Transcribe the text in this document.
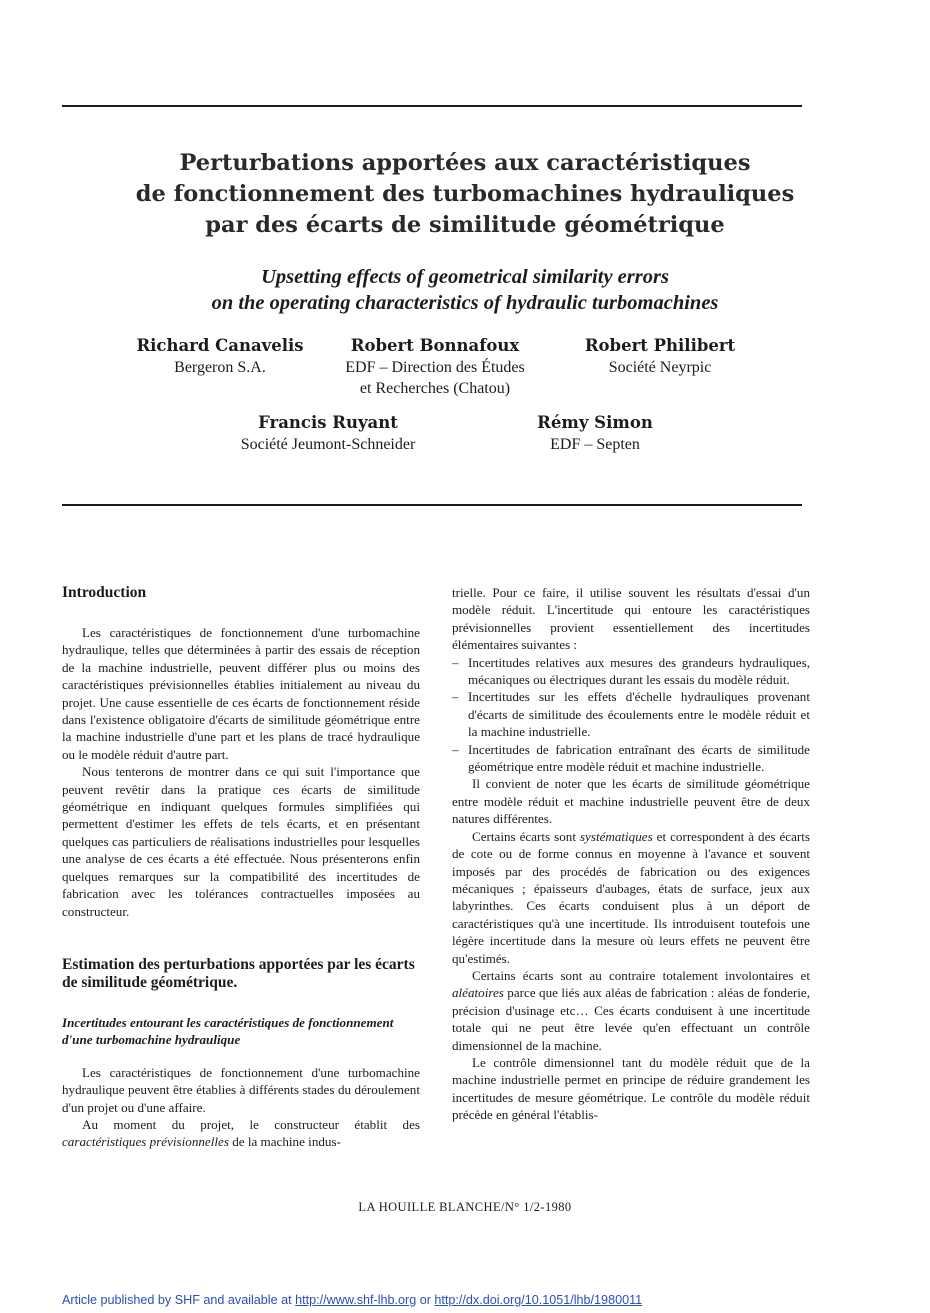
Perturbations apportées aux caractéristiques
de fonctionnement des turbomachines hydrauliques
par des écarts de similitude géométrique
Upsetting effects of geometrical similarity errors
on the operating characteristics of hydraulic turbomachines
Richard Canavelis
Bergeron S.A.
Robert Bonnafoux
EDF – Direction des Études
et Recherches (Chatou)
Robert Philibert
Société Neyrpic
Francis Ruyant
Société Jeumont-Schneider
Rémy Simon
EDF – Septen
Introduction

Les caractéristiques de fonctionnement d'une turbomachine hydraulique, telles que déterminées à partir des essais de réception de la machine industrielle, peuvent différer plus ou moins des caractéristiques prévisionnelles établies initialement au niveau du projet. Une cause essentielle de ces écarts de fonctionnement réside dans l'existence obligatoire d'écarts de similitude géométrique entre la machine industrielle d'une part et les plans de tracé hydraulique ou le modèle réduit d'autre part.

Nous tenterons de montrer dans ce qui suit l'importance que peuvent revêtir dans la pratique ces écarts de similitude géométrique en indiquant quelques formules simplifiées qui permettent d'estimer les effets de tels écarts, et en présentant quelques cas particuliers de réalisations industrielles pour lesquelles une analyse de ces écarts a été effectuée. Nous présenterons enfin quelques remarques sur la compatibilité des incertitudes de fabrication avec les tolérances contractuelles imposées au constructeur.

Estimation des perturbations apportées par les écarts de similitude géométrique.
Incertitudes entourant les caractéristiques de fonctionnement d'une turbomachine hydraulique

Les caractéristiques de fonctionnement d'une turbomachine hydraulique peuvent être établies à différents stades du déroulement d'un projet ou d'une affaire.

Au moment du projet, le constructeur établit des caractéristiques prévisionnelles de la machine indus-

trielle. Pour ce faire, il utilise souvent les résultats d'essai d'un modèle réduit. L'incertitude qui entoure les caractéristiques prévisionnelles provient essentiellement des incertitudes élémentaires suivantes :

– Incertitudes relatives aux mesures des grandeurs hydrauliques, mécaniques ou électriques durant les essais du modèle réduit.
– Incertitudes sur les effets d'échelle hydrauliques provenant d'écarts de similitude des écoulements entre le modèle réduit et la machine industrielle.
– Incertitudes de fabrication entraînant des écarts de similitude géométrique entre modèle réduit et machine industrielle.

Il convient de noter que les écarts de similitude géométrique entre modèle réduit et machine industrielle peuvent être de deux natures différentes.

Certains écarts sont systématiques et correspondent à des écarts de cote ou de forme connus en moyenne à l'avance et souvent imposés par des procédés de fabrication ou des exigences mécaniques ; épaisseurs d'aubages, états de surface, jeux aux labyrinthes. Ces écarts conduisent plus à un déport de caractéristiques qu'à une incertitude. Ils introduisent toutefois une légère incertitude dans la mesure où leurs effets ne peuvent être qu'estimés.

Certains écarts sont au contraire totalement involontaires et aléatoires parce que liés aux aléas de fabrication : aléas de fonderie, précision d'usinage etc… Ces écarts conduisent à une incertitude totale qui ne peut être levée qu'en effectuant un contrôle dimensionnel de la machine.

Le contrôle dimensionnel tant du modèle réduit que de la machine industrielle permet en principe de réduire grandement les incertitudes de mesure géométrique. Le contrôle du modèle réduit précède en général l'établis-

LA HOUILLE BLANCHE/N° 1/2-1980
Article published by SHF and available at http://www.shf-lhb.org or http://dx.doi.org/10.1051/lhb/1980011
